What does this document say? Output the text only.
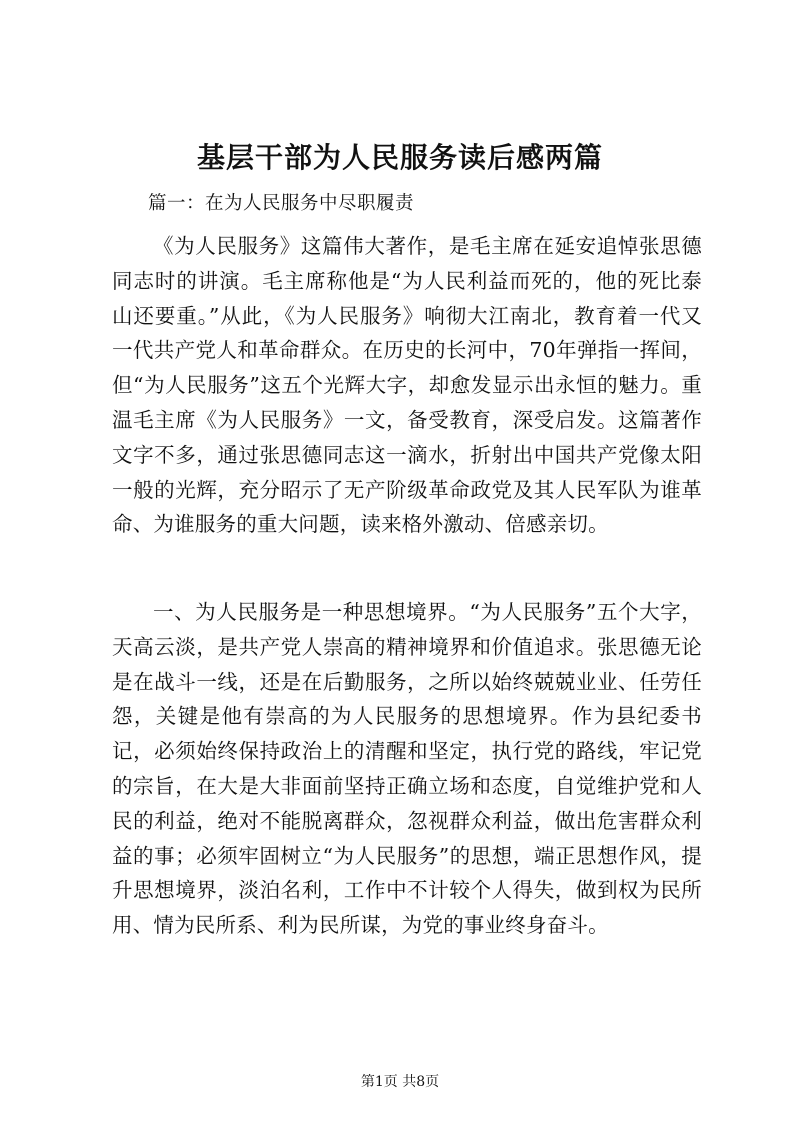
基层干部为人民服务读后感两篇
篇一：在为人民服务中尽职履责

《为人民服务》这篇伟大著作，是毛主席在延安追悼张思德同志时的讲演。毛主席称他是“为人民利益而死的，他的死比泰山还要重。”从此，《为人民服务》响彻大江南北，教育着一代又一代共产党人和革命群众。在历史的长河中，70年弹指一挥间，但“为人民服务”这五个光辉大字，却愈发显示出永恒的魅力。重温毛主席《为人民服务》一文，备受教育，深受启发。这篇著作文字不多，通过张思德同志这一滴水，折射出中国共产党像太阳一般的光辉，充分昭示了无产阶级革命政党及其人民军队为谁革命、为谁服务的重大问题，读来格外激动、倍感亲切。

一、为人民服务是一种思想境界。“为人民服务”五个大字，天高云淡，是共产党人崇高的精神境界和价值追求。张思德无论是在战斗一线，还是在后勤服务，之所以始终兢兢业业、任劳任怨，关键是他有崇高的为人民服务的思想境界。作为县纪委书记，必须始终保持政治上的清醒和坚定，执行党的路线，牢记党的宗旨，在大是大非面前坚持正确立场和态度，自觉维护党和人民的利益，绝对不能脱离群众，忽视群众利益，做出危害群众利益的事；必须牢固树立“为人民服务”的思想，端正思想作风，提升思想境界，淡泊名利，工作中不计较个人得失，做到权为民所用、情为民所系、利为民所谋，为党的事业终身奋斗。

第1页 共8页
